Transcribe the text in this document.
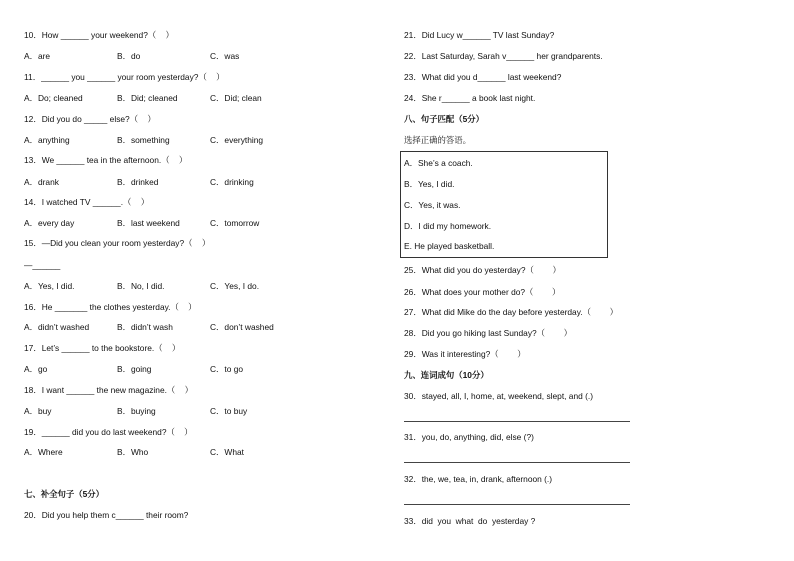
10．How ______ your weekend?（    ）
A．are	B．do	C．was
11．______ you ______ your room yesterday?（    ）
A．Do; cleaned	B．Did; cleaned	C．Did; clean
12．Did you do _____ else?（    ）
A．anything	B．something	C．everything
13．We ______ tea in the afternoon.（    ）
A．drank	B．drinked	C．drinking
14．I watched TV ______.（    ）
A．every day	B．last weekend	C．tomorrow
15．—Did you clean your room yesterday?（    ）
—______
A．Yes, I did.	B．No, I did.	C．Yes, I do.
16．He _______ the clothes yesterday.（    ）
A．didn’t washed	B．didn’t wash	C．don’t washed
17．Let’s ______ to the bookstore.（    ）
A．go	B．going	C．to go
18．I want ______ the new magazine.（    ）
A．buy	B．buying	C．to buy
19．______ did you do last weekend?（    ）
A．Where	B．Who	C．What
七、补全句子（5分）
20．Did you help them c______ their room?
21．Did Lucy w______ TV last Sunday?
22．Last Saturday, Sarah v______ her grandparents.
23．What did you d______ last weekend?
24．She r______ a book last night.
八、句子匹配（5分）
选择正确的答语。
A．She’s a coach.
B．Yes, I did.
C．Yes, it was.
D．I did my homework.
E. He played basketball.
25．What did you do yesterday?（        ）
26．What does your mother do?（        ）
27．What did Mike do the day before yesterday.（        ）
28．Did you go hiking last Sunday?（        ）
29．Was it interesting?（        ）
九、连词成句（10分）
30．stayed, all, I, home, at, weekend, slept, and (.)
31．you, do, anything, did, else (?)
32．the, we, tea, in, drank, afternoon (.)
33．did  you  what  do  yesterday ?
